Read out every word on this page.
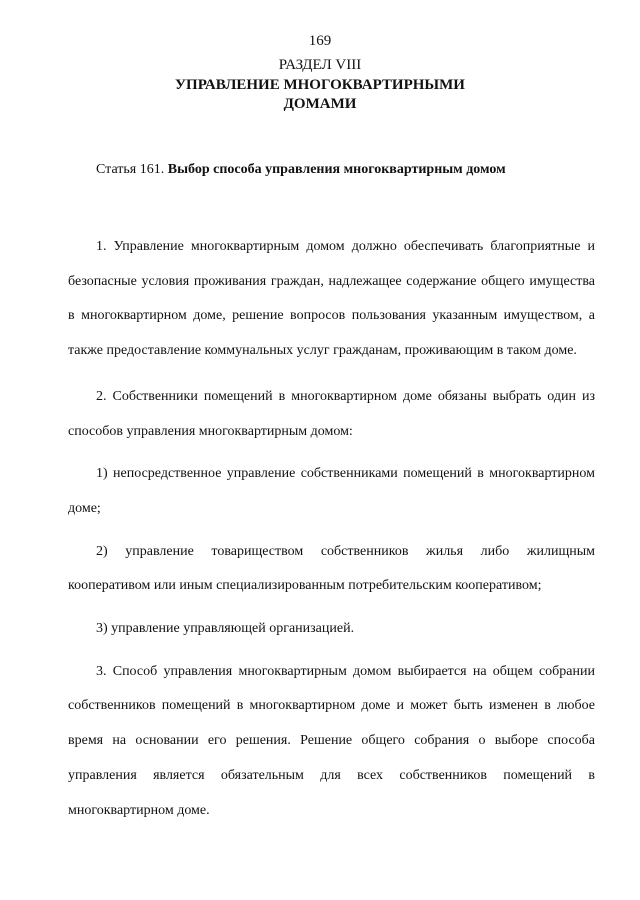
169
РАЗДЕЛ VIII
УПРАВЛЕНИЕ МНОГОКВАРТИРНЫМИ
ДОМАМИ
Статья 161. Выбор способа управления многоквартирным домом

1. Управление многоквартирным домом должно обеспечивать благоприятные и безопасные условия проживания граждан, надлежащее содержание общего имущества в многоквартирном доме, решение вопросов пользования указанным имуществом, а также предоставление коммунальных услуг гражданам, проживающим в таком доме.

2. Собственники помещений в многоквартирном доме обязаны выбрать один из способов управления многоквартирным домом:

1) непосредственное управление собственниками помещений в многоквартирном доме;

2) управление товариществом собственников жилья либо жилищным кооперативом или иным специализированным потребительским кооперативом;

3) управление управляющей организацией.

3. Способ управления многоквартирным домом выбирается на общем собрании собственников помещений в многоквартирном доме и может быть изменен в любое время на основании его решения. Решение общего собрания о выборе способа управления является обязательным для всех собственников помещений в многоквартирном доме.
